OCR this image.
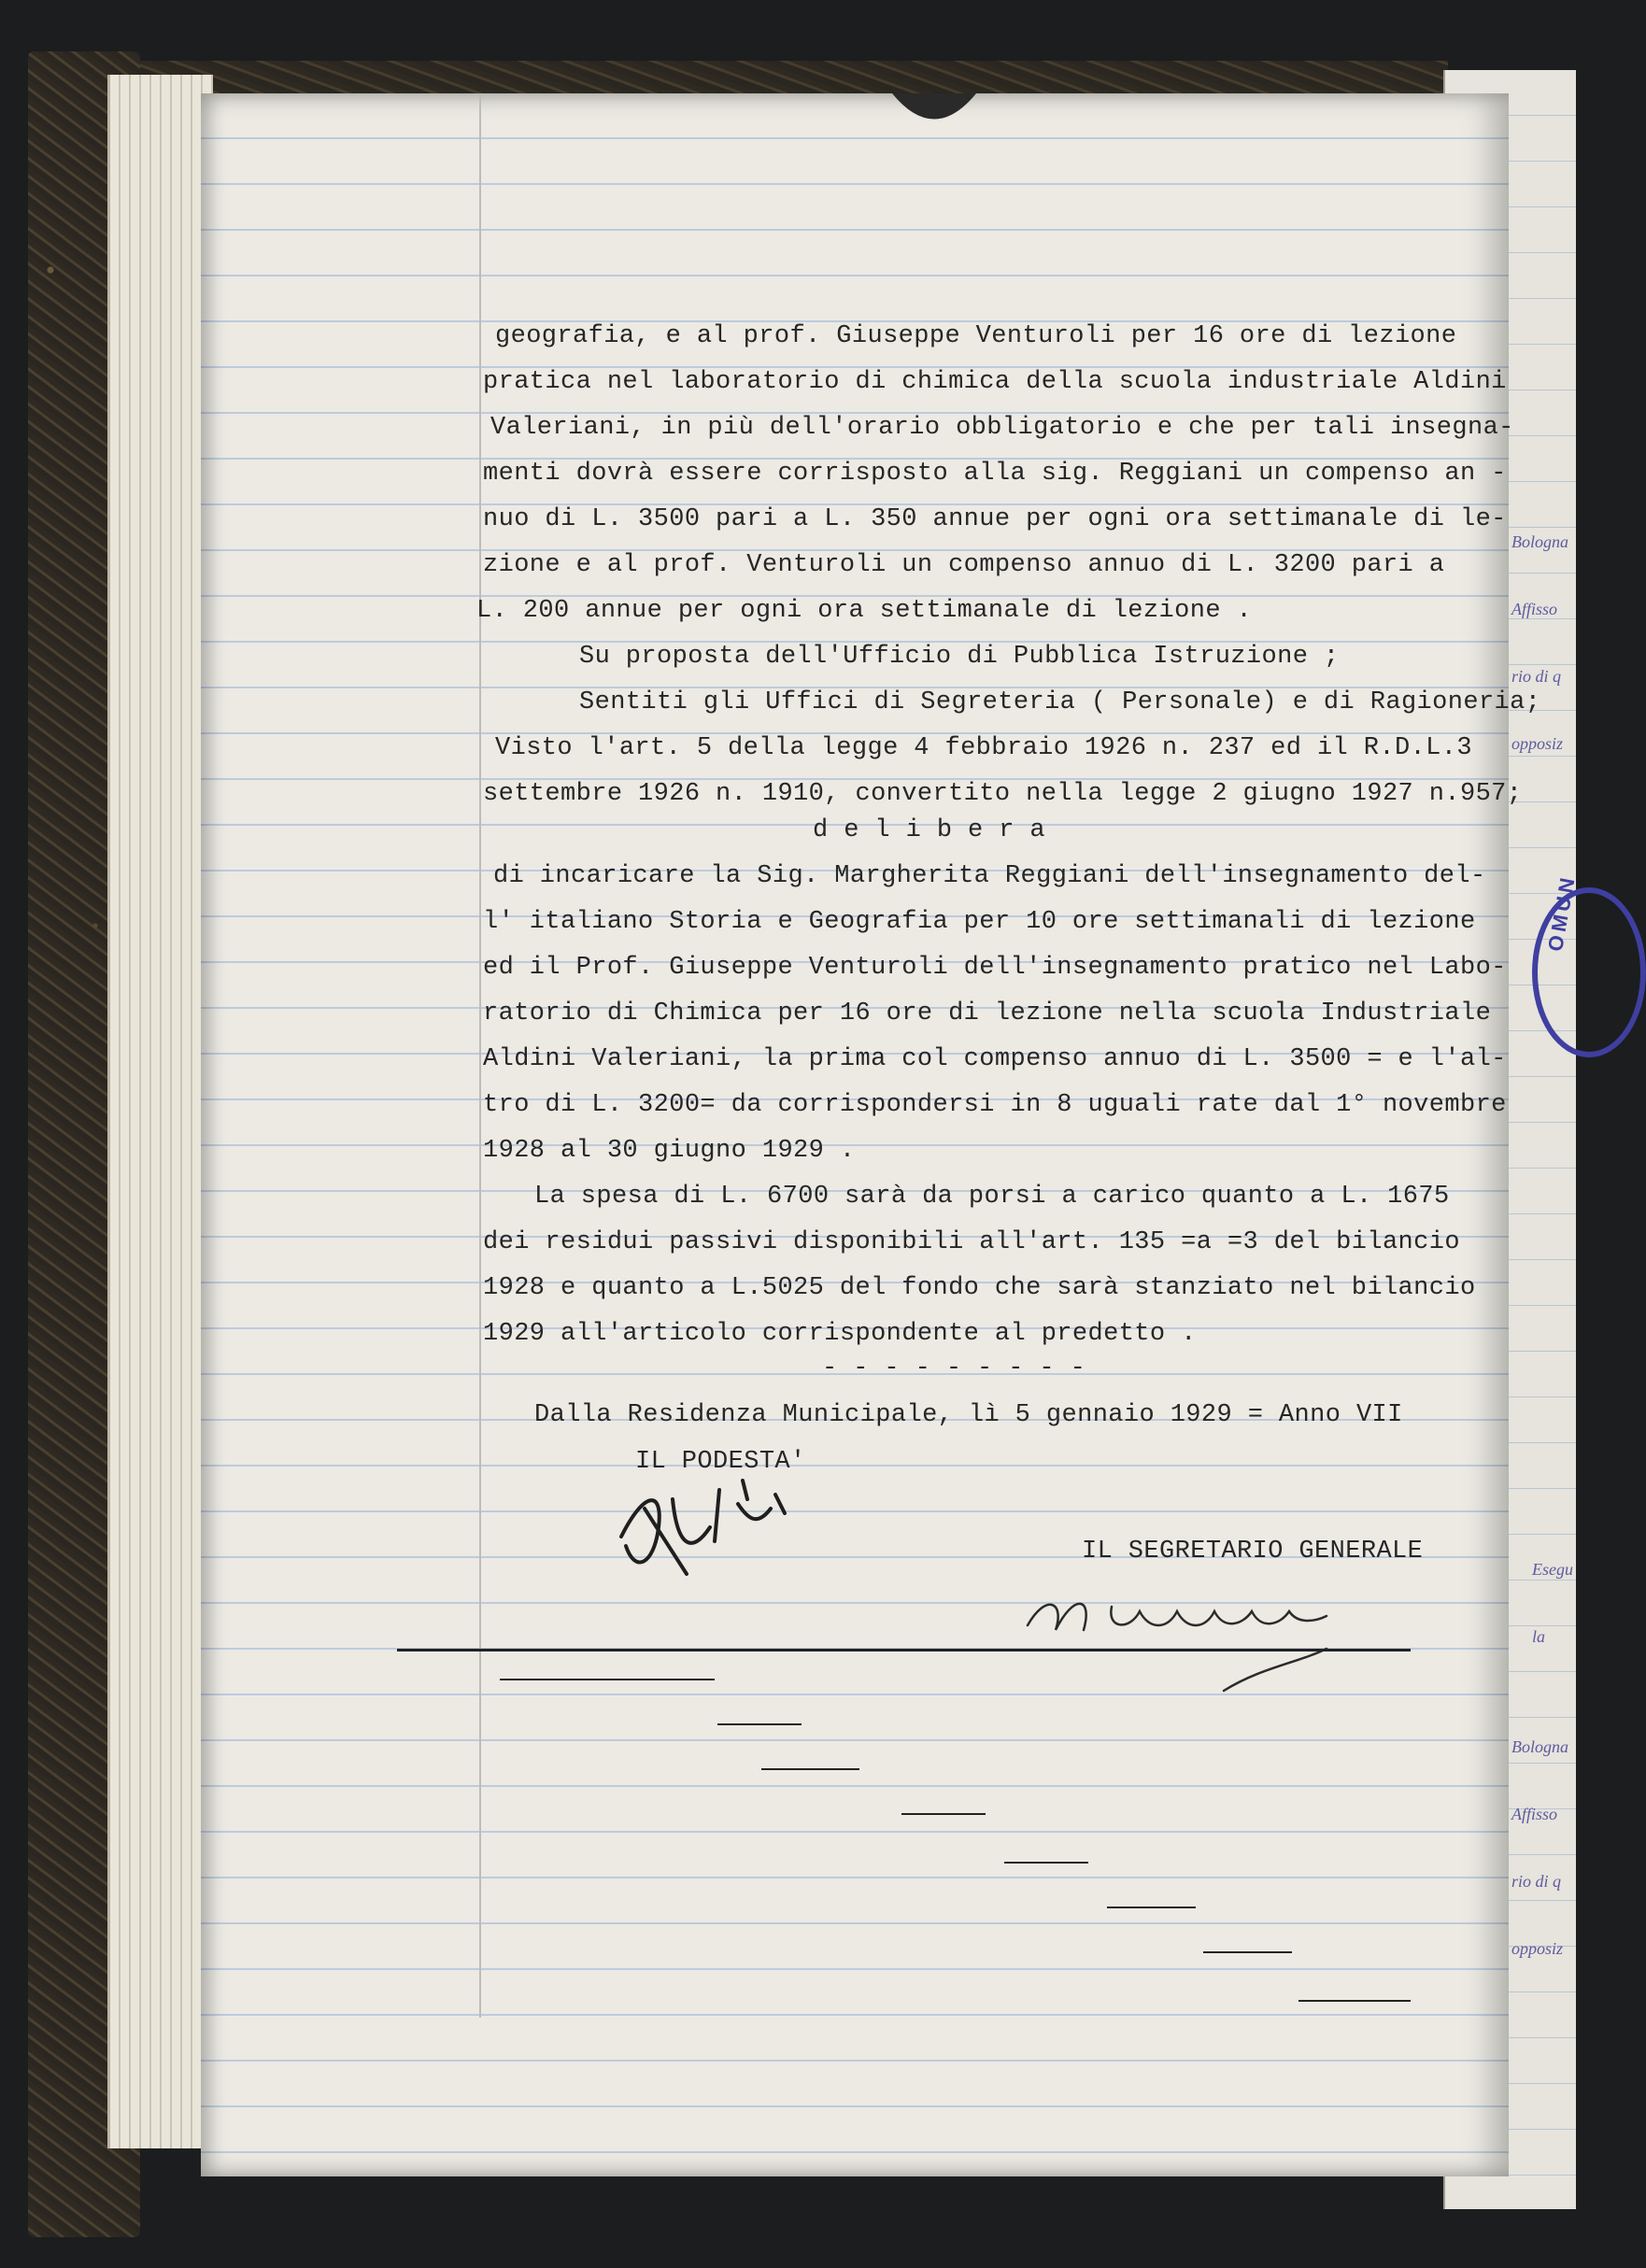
geografia, e al prof. Giuseppe Venturoli per 16 ore di lezione
pratica nel laboratorio di chimica della scuola industriale Aldini
Valeriani, in più dell'orario obbligatorio e che per tali insegna-
menti dovrà essere corrisposto alla sig. Reggiani un compenso an -
nuo di L. 3500 pari a L. 350 annue per ogni ora settimanale di le-
zione e al prof. Venturoli un compenso annuo di L. 3200 pari a
L. 200 annue per ogni ora settimanale di lezione .
Su proposta dell'Ufficio di Pubblica Istruzione ;
Sentiti gli Uffici di Segreteria ( Personale) e di Ragioneria;
Visto l'art. 5 della legge 4 febbraio 1926 n. 237 ed il R.D.L.3
settembre 1926 n. 1910, convertito nella legge 2 giugno 1927 n.957;
d e l i b e r a
di incaricare la Sig. Margherita Reggiani dell'insegnamento del-
l' italiano Storia e Geografia per 10 ore settimanali di lezione
ed il Prof. Giuseppe Venturoli dell'insegnamento pratico nel Labo-
ratorio di Chimica per 16 ore di lezione nella scuola Industriale
Aldini Valeriani, la prima col compenso annuo di L. 3500 = e l'al-
tro di L. 3200= da corrispondersi in 8 uguali rate dal 1° novembre
1928 al 30 giugno 1929 .
La spesa di L. 6700 sarà da porsi a carico quanto a L. 1675
dei residui passivi disponibili all'art. 135 =a =3 del bilancio
1928 e quanto a L.5025 del fondo che sarà stanziato nel bilancio
1929 all'articolo corrispondente al predetto .
- - - - - - - - -
Dalla Residenza Municipale, lì 5 gennaio 1929 = Anno VII
IL PODESTA'
IL SEGRETARIO GENERALE

Bologna

Affisso

rio di q

opposiz

Esegu

la

Bologna

Affisso

rio di q

opposiz

OMUN
